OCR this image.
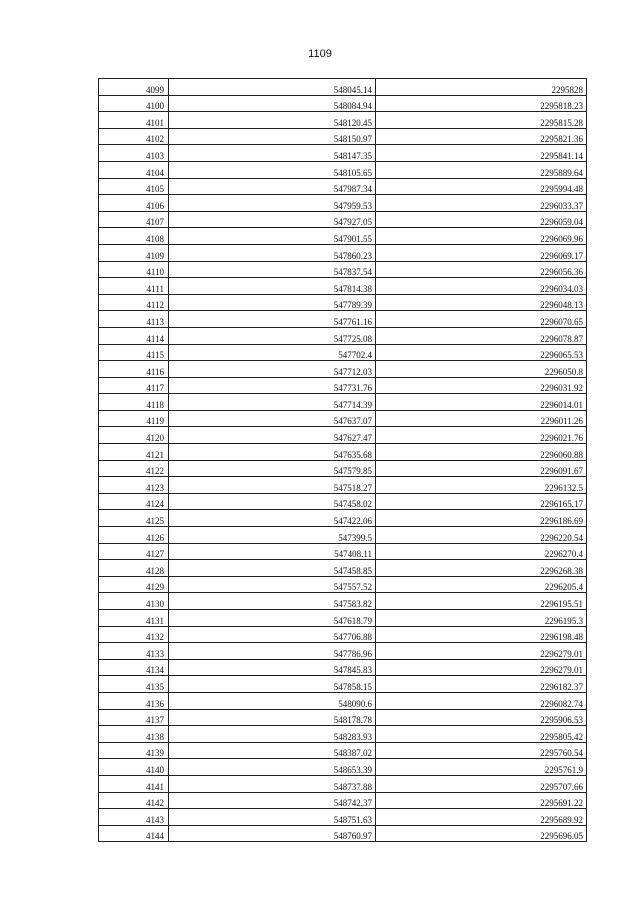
1109
4099	548045.14	2295828
4100	548084.94	2295818.23
4101	548120.45	2295815.28
4102	548150.97	2295821.36
4103	548147.35	2295841.14
4104	548105.65	2295889.64
4105	547987.34	2295994.48
4106	547959.53	2296033.37
4107	547927.05	2296059.04
4108	547901.55	2296069.96
4109	547860.23	2296069.17
4110	547837.54	2296056.36
4111	547814.38	2296034.03
4112	547789.39	2296048.13
4113	547761.16	2296070.65
4114	547725.08	2296078.87
4115	547702.4	2296065.53
4116	547712.03	2296050.8
4117	547731.76	2296031.92
4118	547714.39	2296014.01
4119	547637.07	2296011.26
4120	547627.47	2296021.76
4121	547635.68	2296060.88
4122	547579.85	2296091.67
4123	547518.27	2296132.5
4124	547458.02	2296165.17
4125	547422.06	2296186.69
4126	547399.5	2296220.54
4127	547408.11	2296270.4
4128	547458.85	2296268.38
4129	547557.52	2296205.4
4130	547583.82	2296195.51
4131	547618.79	2296195.3
4132	547706.88	2296198.48
4133	547786.96	2296279.01
4134	547845.83	2296279.01
4135	547858.15	2296182.37
4136	548090.6	2296082.74
4137	548178.78	2295906.53
4138	548283.93	2295805.42
4139	548387.02	2295760.54
4140	548653.39	2295761.9
4141	548737.88	2295707.66
4142	548742.37	2295691.22
4143	548751.63	2295689.92
4144	548760.97	2295696.05
